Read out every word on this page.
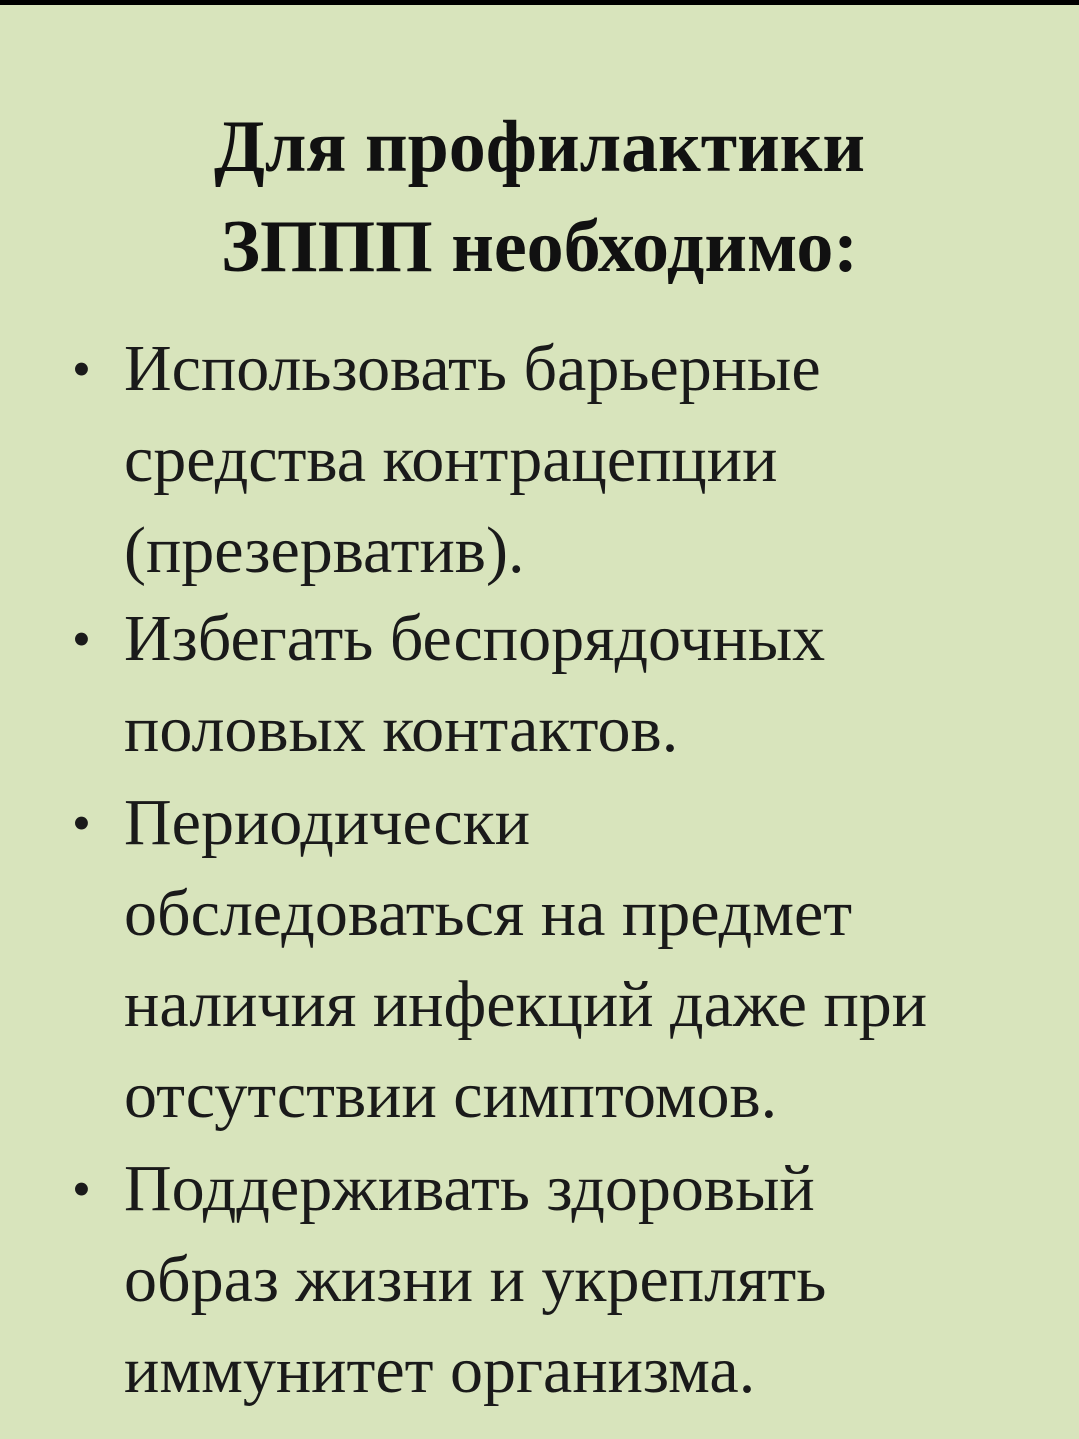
Для профилактики
ЗППП необходимо:
• Использовать барьерные
средства контрацепции
(презерватив).
• Избегать беспорядочных
половых контактов.
• Периодически
обследоваться на предмет
наличия инфекций даже при
отсутствии симптомов.
• Поддерживать здоровый
образ жизни и укреплять
иммунитет организма.
